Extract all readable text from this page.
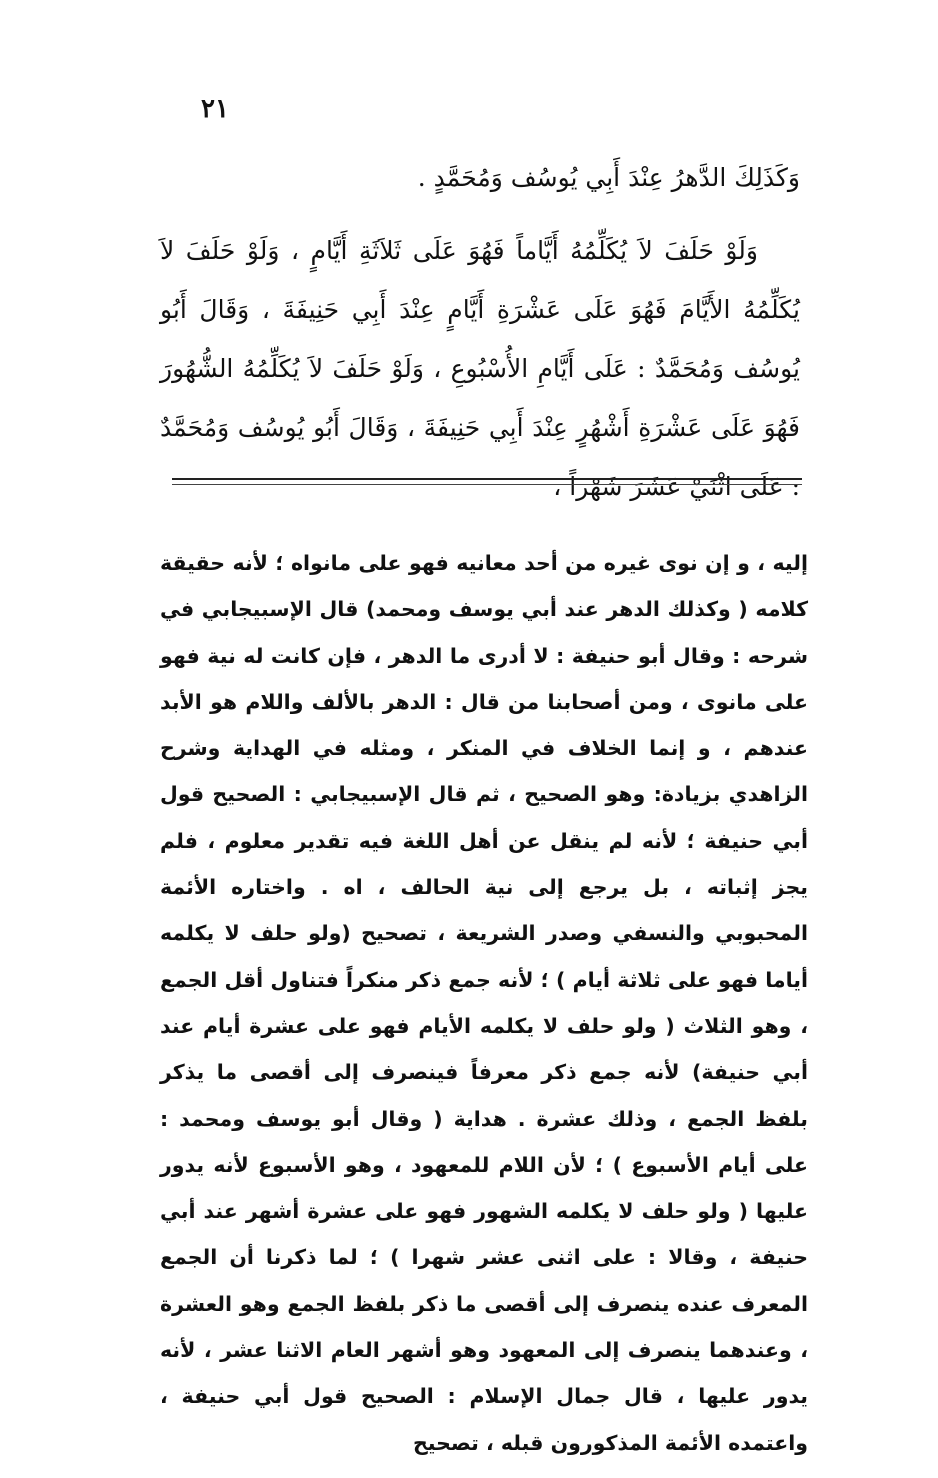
٢١

وَكَذَلِكَ الدَّهرُ عِنْدَ أَبِي يُوسُف وَمُحَمَّدٍ .

وَلَوْ حَلَفَ لاَ يُكَلِّمُهُ أَيَّاماً فَهُوَ عَلَى ثَلاَثَةِ أَيَّامٍ ، وَلَوْ حَلَفَ لاَ يُكَلِّمُهُ الأَيَّامَ فَهُوَ عَلَى عَشْرَةِ أَيَّامٍ عِنْدَ أَبِي حَنِيفَةَ ، وَقَالَ أَبُو يُوسُف وَمُحَمَّدٌ : عَلَى أَيَّامِ الأُسْبُوعِ ، وَلَوْ حَلَفَ لاَ يُكَلِّمُهُ الشُّهُورَ فَهُوَ عَلَى عَشْرَةِ أَشْهُرٍ عِنْدَ أَبِي حَنِيفَةَ ، وَقَالَ أَبُو يُوسُف وَمُحَمَّدٌ : عَلَى اثْنَيْ عَشَرَ شَهْراً ،

إليه ، و إن نوى غيره من أحد معانيه فهو على مانواه ؛ لأنه حقيقة كلامه ( وكذلك الدهر عند أبي يوسف ومحمد) قال الإسبيجابي في شرحه : وقال أبو حنيفة : لا أدرى ما الدهر ، فإن كانت له نية فهو على مانوى ، ومن أصحابنا من قال : الدهر بالألف واللام هو الأبد عندهم ، و إنما الخلاف في المنكر ، ومثله في الهداية وشرح الزاهدي بزيادة: وهو الصحيح ، ثم قال الإسبيجابي : الصحيح قول أبي حنيفة ؛ لأنه لم ينقل عن أهل اللغة فيه تقدير معلوم ، فلم يجز إثباته ، بل يرجع إلى نية الحالف ، اه . واختاره الأئمة المحبوبي والنسفي وصدر الشريعة ، تصحيح (ولو حلف لا يكلمه أياما فهو على ثلاثة أيام ) ؛ لأنه جمع ذكر منكراً فتناول أقل الجمع ، وهو الثلاث ( ولو حلف لا يكلمه الأيام فهو على عشرة أيام عند أبي حنيفة) لأنه جمع ذكر معرفاً فينصرف إلى أقصى ما يذكر بلفظ الجمع ، وذلك عشرة . هداية ( وقال أبو يوسف ومحمد : على أيام الأسبوع ) ؛ لأن اللام للمعهود ، وهو الأسبوع لأنه يدور عليها ( ولو حلف لا يكلمه الشهور فهو على عشرة أشهر عند أبي حنيفة ، وقالا : على اثنى عشر شهرا ) ؛ لما ذكرنا أن الجمع المعرف عنده ينصرف إلى أقصى ما ذكر بلفظ الجمع وهو العشرة ، وعندهما ينصرف إلى المعهود وهو أشهر العام الاثنا عشر ، لأنه يدور عليها ، قال جمال الإسلام : الصحيح قول أبي حنيفة ، واعتمده الأئمة المذكورون قبله ، تصحيح
